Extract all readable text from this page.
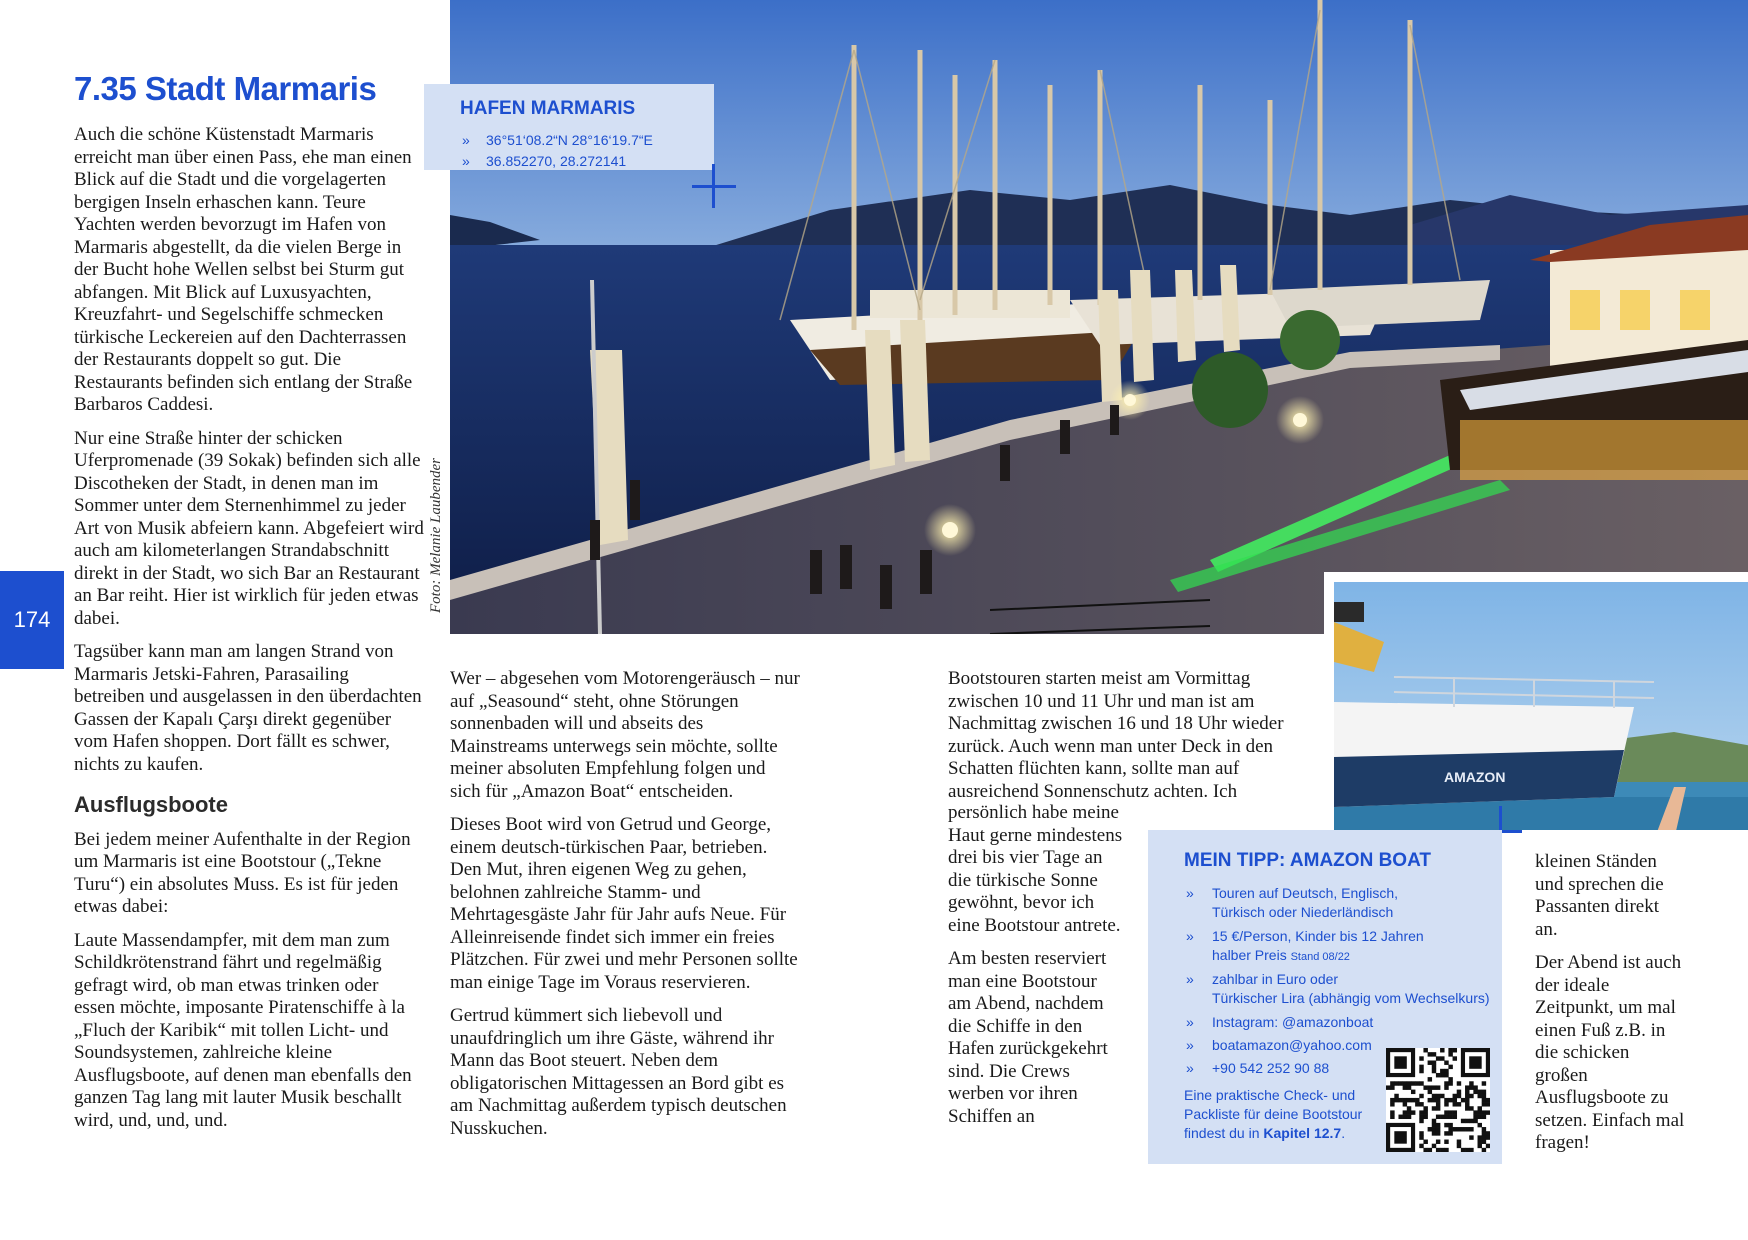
7.35 Stadt Marmaris

Auch die schöne Küstenstadt Marmaris erreicht man über einen Pass, ehe man einen Blick auf die Stadt und die vorgelagerten bergigen Inseln erhaschen kann. Teure Yachten werden bevorzugt im Hafen von Marmaris abgestellt, da die vielen Berge in der Bucht hohe Wellen selbst bei Sturm gut abfangen. Mit Blick auf Luxusyachten, Kreuzfahrt- und Segelschiffe schmecken türkische Leckereien auf den Dachterrassen der Restaurants doppelt so gut. Die Restaurants befinden sich entlang der Straße Barbaros Caddesi.

Nur eine Straße hinter der schicken Uferpromenade (39 Sokak) befinden sich alle Discotheken der Stadt, in denen man im Sommer unter dem Sternenhimmel zu jeder Art von Musik abfeiern kann. Abgefeiert wird auch am kilometerlangen Strandabschnitt direkt in der Stadt, wo sich Bar an Restaurant an Bar reiht. Hier ist wirklich für jeden etwas dabei.

Tagsüber kann man am langen Strand von Marmaris Jetski-Fahren, Parasailing betreiben und ausgelassen in den überdachten Gassen der Kapalı Çarşı direkt gegenüber vom Hafen shoppen. Dort fällt es schwer, nichts zu kaufen.

Ausflugsboote

Bei jedem meiner Aufenthalte in der Region um Marmaris ist eine Bootstour („Tekne Turu“) ein absolutes Muss. Es ist für jeden etwas dabei:

Laute Massendampfer, mit dem man zum Schildkrötenstrand fährt und regelmäßig gefragt wird, ob man etwas trinken oder essen möchte, imposante Piratenschiffe à la „Fluch der Karibik“ mit tollen Licht- und Soundsystemen, zahlreiche kleine Ausflugsboote, auf denen man ebenfalls den ganzen Tag lang mit lauter Musik beschallt wird, und, und, und.

174
Foto: Melanie Laubender
HAFEN MARMARIS
» 36°51‘08.2“N 28°16‘19.7“E
» 36.852270, 28.272141

Wer – abgesehen vom Motorengeräusch – nur auf „Seasound“ steht, ohne Störungen sonnenbaden will und abseits des Mainstreams unterwegs sein möchte, sollte meiner absoluten Empfehlung folgen und sich für „Amazon Boat“ entscheiden.

Dieses Boot wird von Getrud und George, einem deutsch-türkischen Paar, betrieben. Den Mut, ihren eigenen Weg zu gehen, belohnen zahlreiche Stamm- und Mehrtagesgäste Jahr für Jahr aufs Neue. Für Alleinreisende findet sich immer ein freies Plätzchen. Für zwei und mehr Personen sollte man einige Tage im Voraus reservieren.

Gertrud kümmert sich liebevoll und unaufdringlich um ihre Gäste, während ihr Mann das Boot steuert. Neben dem obligatorischen Mittagessen an Bord gibt es am Nachmittag außerdem typisch deutschen Nusskuchen.

Bootstouren starten meist am Vormittag zwischen 10 und 11 Uhr und man ist am Nachmittag zwischen 16 und 18 Uhr wieder zurück. Auch wenn man unter Deck in den Schatten flüchten kann, sollte man auf ausreichend Sonnenschutz achten. Ich

persönlich habe meine Haut gerne mindestens drei bis vier Tage an die türkische Sonne gewöhnt, bevor ich eine Bootstour antrete.

Am besten reserviert man eine Bootstour am Abend, nachdem die Schiffe in den Hafen zurückgekehrt sind. Die Crews werben vor ihren Schiffen an

AMAZON
MEIN TIPP: AMAZON BOAT
» Touren auf Deutsch, Englisch,
Türkisch oder Niederländisch
» 15 €/Person, Kinder bis 12 Jahren
halber Preis Stand 08/22
» zahlbar in Euro oder
Türkischer Lira (abhängig vom Wechselkurs)
» Instagram: @amazonboat
» boatamazon@yahoo.com
» +90 542 252 90 88
Eine praktische Check- und
Packliste für deine Bootstour
findest du in Kapitel 12.7.

kleinen Ständen und sprechen die Passanten direkt an.

Der Abend ist auch der ideale Zeitpunkt, um mal einen Fuß z.B. in die schicken großen Ausflugsboote zu setzen. Einfach mal fragen!
